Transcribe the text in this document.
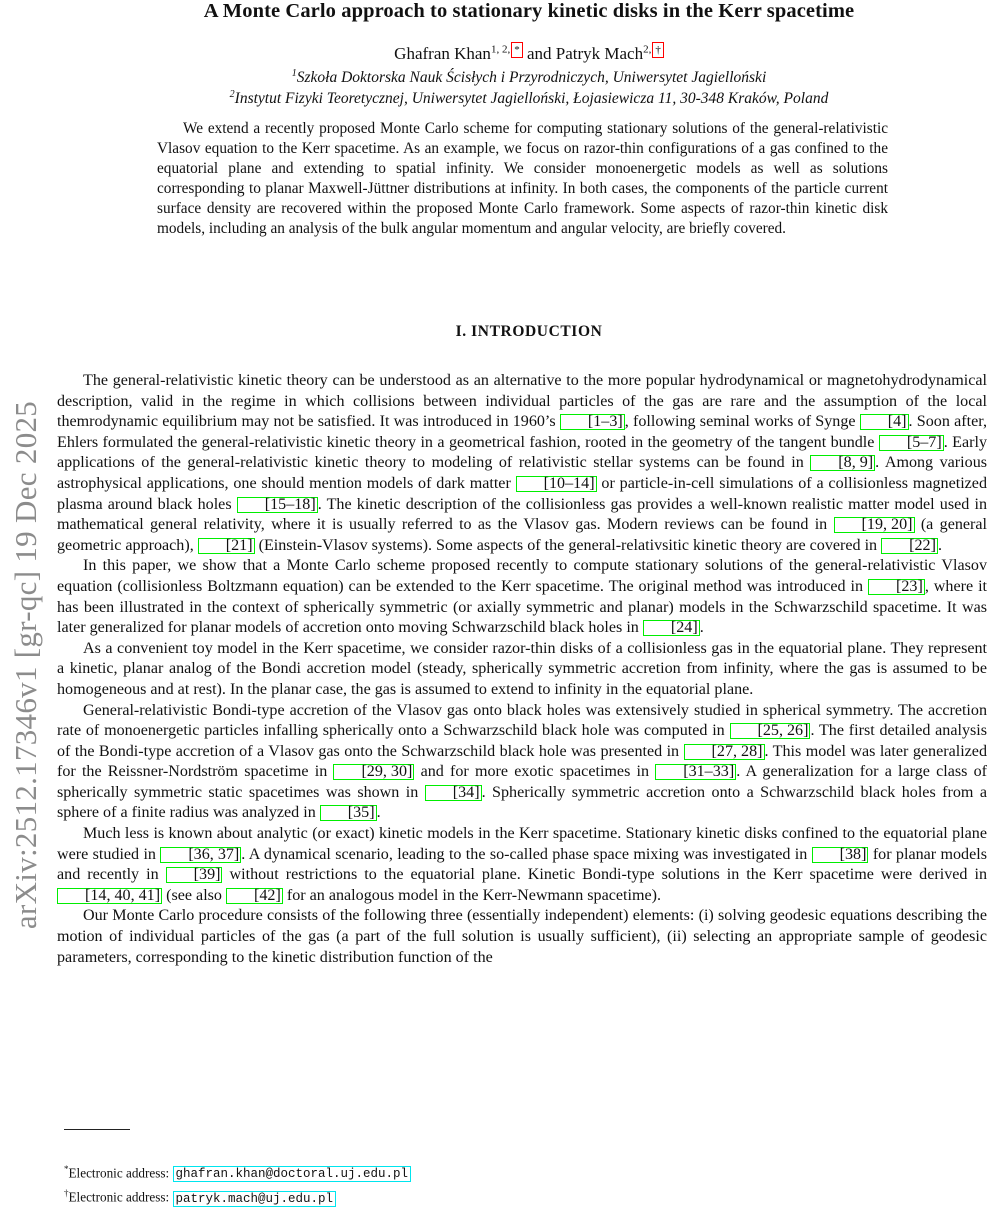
A Monte Carlo approach to stationary kinetic disks in the Kerr spacetime
Ghafran Khan$^{1, 2,}$ * and Patryk Mach$^{2,}$ †
$^1$Szkoła Doktorska Nauk Ścisłych i Przyrodniczych, Uniwersytet Jagielloński
$^2$Instytut Fizyki Teoretycznej, Uniwersytet Jagielloński, Łojasiewicza 11, 30-348 Kraków, Poland
We extend a recently proposed Monte Carlo scheme for computing stationary solutions of the general-relativistic Vlasov equation to the Kerr spacetime. As an example, we focus on razor-thin configurations of a gas confined to the equatorial plane and extending to spatial infinity. We consider monoenergetic models as well as solutions corresponding to planar Maxwell-Jüttner distributions at infinity. In both cases, the components of the particle current surface density are recovered within the proposed Monte Carlo framework. Some aspects of razor-thin kinetic disk models, including an analysis of the bulk angular momentum and angular velocity, are briefly covered.
arXiv:2512.17346v1 [gr-qc] 19 Dec 2025
I. INTRODUCTION

The general-relativistic kinetic theory can be understood as an alternative to the more popular hydrodynamical or magnetohydrodynamical description, valid in the regime in which collisions between individual particles of the gas are rare and the assumption of the local themrodynamic equilibrium may not be satisfied. It was introduced in 1960’s [1–3] , following seminal works of Synge [4] . Soon after, Ehlers formulated the general-relativistic kinetic theory in a geometrical fashion, rooted in the geometry of the tangent bundle [5–7] . Early applications of the general-relativistic kinetic theory to modeling of relativistic stellar systems can be found in [8, 9] . Among various astrophysical applications, one should mention models of dark matter [10–14] or particle-in-cell simulations of a collisionless magnetized plasma around black holes [15–18] . The kinetic description of the collisionless gas provides a well-known realistic matter model used in mathematical general relativity, where it is usually referred to as the Vlasov gas. Modern reviews can be found in [19, 20] (a general geometric approach), [21] (Einstein-Vlasov systems). Some aspects of the general-relativsitic kinetic theory are covered in [22] .

In this paper, we show that a Monte Carlo scheme proposed recently to compute stationary solutions of the general-relativistic Vlasov equation (collisionless Boltzmann equation) can be extended to the Kerr spacetime. The original method was introduced in [23] , where it has been illustrated in the context of spherically symmetric (or axially symmetric and planar) models in the Schwarzschild spacetime. It was later generalized for planar models of accretion onto moving Schwarzschild black holes in [24] .

As a convenient toy model in the Kerr spacetime, we consider razor-thin disks of a collisionless gas in the equatorial plane. They represent a kinetic, planar analog of the Bondi accretion model (steady, spherically symmetric accretion from infinity, where the gas is assumed to be homogeneous and at rest). In the planar case, the gas is assumed to extend to infinity in the equatorial plane.

General-relativistic Bondi-type accretion of the Vlasov gas onto black holes was extensively studied in spherical symmetry. The accretion rate of monoenergetic particles infalling spherically onto a Schwarzschild black hole was computed in [25, 26] . The first detailed analysis of the Bondi-type accretion of a Vlasov gas onto the Schwarzschild black hole was presented in [27, 28] . This model was later generalized for the Reissner-Nordström spacetime in [29, 30] and for more exotic spacetimes in [31–33] . A generalization for a large class of spherically symmetric static spacetimes was shown in [34] . Spherically symmetric accretion onto a Schwarzschild black holes from a sphere of a finite radius was analyzed in [35] .

Much less is known about analytic (or exact) kinetic models in the Kerr spacetime. Stationary kinetic disks confined to the equatorial plane were studied in [36, 37] . A dynamical scenario, leading to the so-called phase space mixing was investigated in [38] for planar models and recently in [39] without restrictions to the equatorial plane. Kinetic Bondi-type solutions in the Kerr spacetime were derived in [14, 40, 41] (see also [42] for an analogous model in the Kerr-Newmann spacetime).

Our Monte Carlo procedure consists of the following three (essentially independent) elements: (i) solving geodesic equations describing the motion of individual particles of the gas (a part of the full solution is usually sufficient), (ii) selecting an appropriate sample of geodesic parameters, corresponding to the kinetic distribution function of the

*Electronic address: ghafran.khan@doctoral.uj.edu.pl
†Electronic address: patryk.mach@uj.edu.pl
